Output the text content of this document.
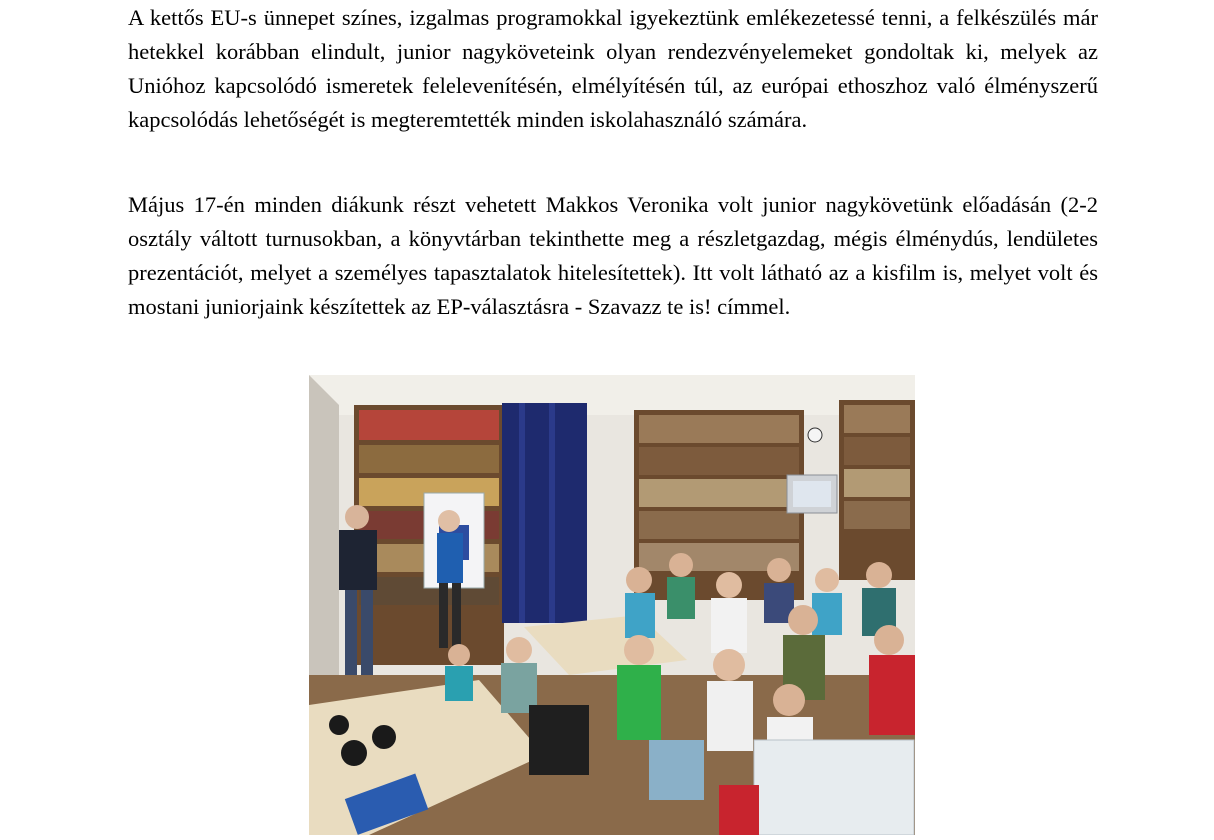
A kettős EU-s ünnepet színes, izgalmas programokkal igyekeztünk emlékezetessé tenni, a felkészülés már hetekkel korábban elindult, junior nagyköveteink olyan rendezvényelemeket gondoltak ki, melyek az Unióhoz kapcsolódó ismeretek felelevenítésén, elmélyítésén túl, az európai ethoszhoz való élményszerű kapcsolódás lehetőségét is megteremtették minden iskolahasználó számára.

Május 17-én minden diákunk részt vehetett Makkos Veronika volt junior nagykövetünk előadásán (2-2 osztály váltott turnusokban, a könyvtárban tekinthette meg a részletgazdag, mégis élménydús, lendületes prezentációt, melyet a személyes tapasztalatok hitelesítettek). Itt volt látható az a kisfilm is, melyet volt és mostani juniorjaink készítettek az EP-választásra - Szavazz te is! címmel.
